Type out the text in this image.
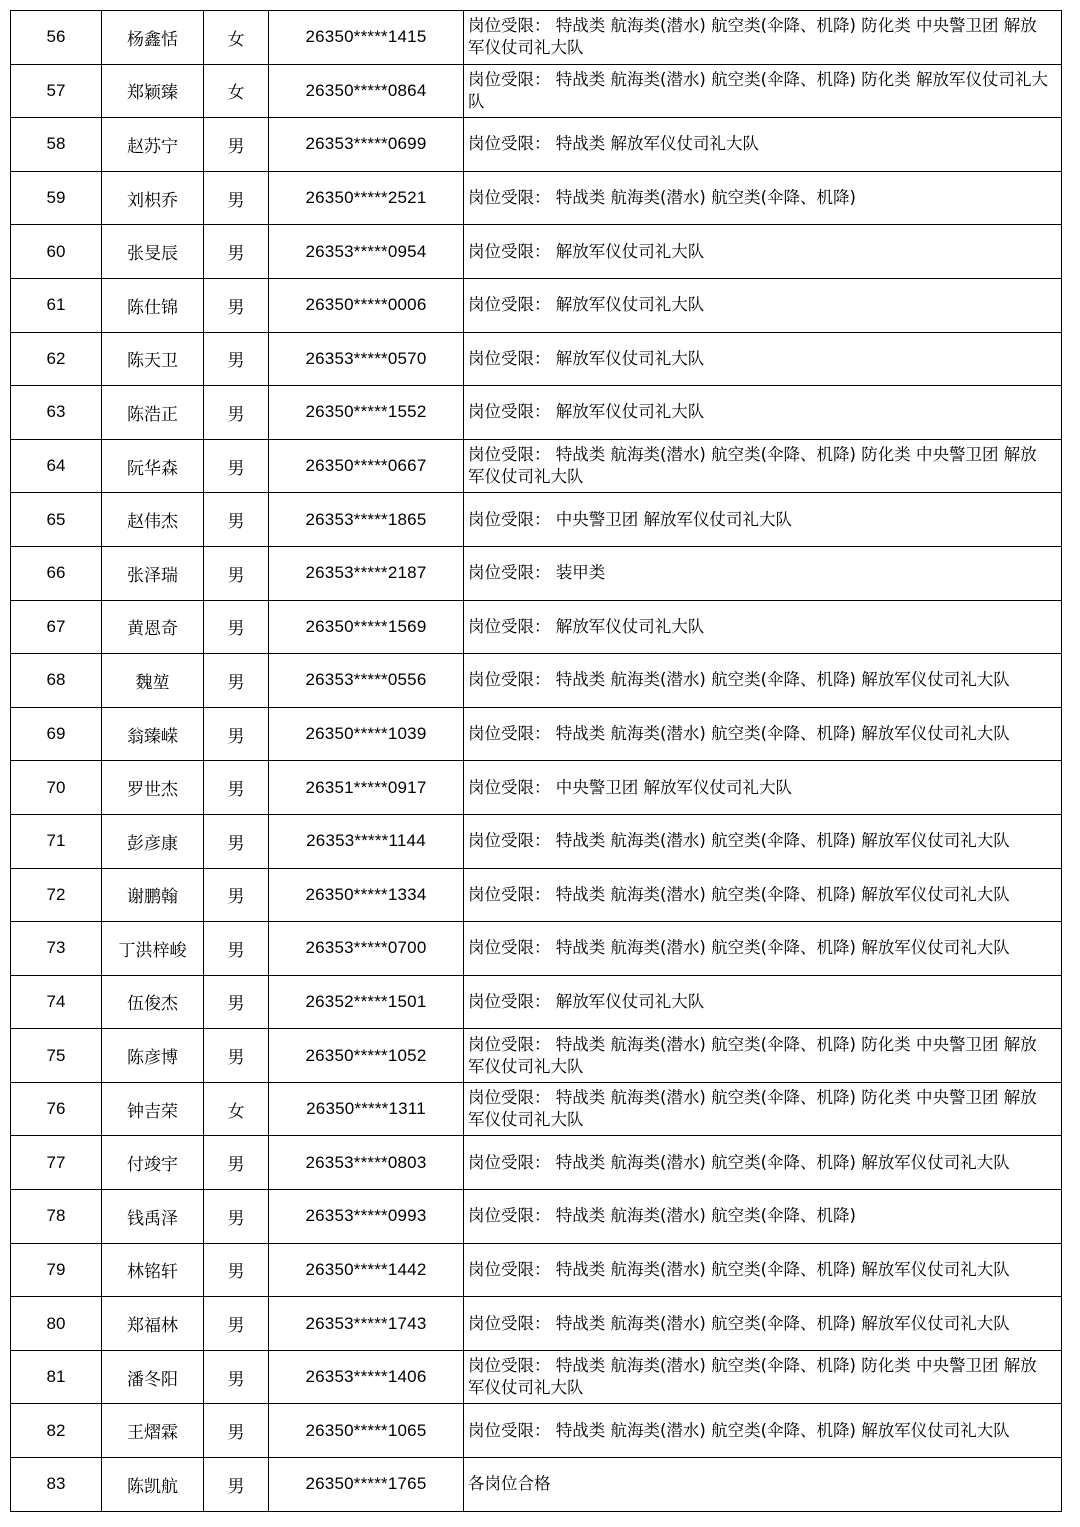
56	杨鑫恬	女	26350*****1415	岗位受限： 特战类 航海类(潜水) 航空类(伞降、机降) 防化类 中央警卫团 解放军仪仗司礼大队
57	郑颖臻	女	26350*****0864	岗位受限： 特战类 航海类(潜水) 航空类(伞降、机降) 防化类 解放军仪仗司礼大队
58	赵苏宁	男	26353*****0699	岗位受限： 特战类 解放军仪仗司礼大队
59	刘枳乔	男	26350*****2521	岗位受限： 特战类 航海类(潜水) 航空类(伞降、机降)
60	张旻辰	男	26353*****0954	岗位受限： 解放军仪仗司礼大队
61	陈仕锦	男	26350*****0006	岗位受限： 解放军仪仗司礼大队
62	陈天卫	男	26353*****0570	岗位受限： 解放军仪仗司礼大队
63	陈浩正	男	26350*****1552	岗位受限： 解放军仪仗司礼大队
64	阮华森	男	26350*****0667	岗位受限： 特战类 航海类(潜水) 航空类(伞降、机降) 防化类 中央警卫团 解放军仪仗司礼大队
65	赵伟杰	男	26353*****1865	岗位受限： 中央警卫团 解放军仪仗司礼大队
66	张泽瑞	男	26353*****2187	岗位受限： 装甲类
67	黄恩奇	男	26350*****1569	岗位受限： 解放军仪仗司礼大队
68	魏堃	男	26353*****0556	岗位受限： 特战类 航海类(潜水) 航空类(伞降、机降) 解放军仪仗司礼大队
69	翁臻嵘	男	26350*****1039	岗位受限： 特战类 航海类(潜水) 航空类(伞降、机降) 解放军仪仗司礼大队
70	罗世杰	男	26351*****0917	岗位受限： 中央警卫团 解放军仪仗司礼大队
71	彭彦康	男	26353*****1144	岗位受限： 特战类 航海类(潜水) 航空类(伞降、机降) 解放军仪仗司礼大队
72	谢鹏翰	男	26350*****1334	岗位受限： 特战类 航海类(潜水) 航空类(伞降、机降) 解放军仪仗司礼大队
73	丁洪梓峻	男	26353*****0700	岗位受限： 特战类 航海类(潜水) 航空类(伞降、机降) 解放军仪仗司礼大队
74	伍俊杰	男	26352*****1501	岗位受限： 解放军仪仗司礼大队
75	陈彦博	男	26350*****1052	岗位受限： 特战类 航海类(潜水) 航空类(伞降、机降) 防化类 中央警卫团 解放军仪仗司礼大队
76	钟吉荣	女	26350*****1311	岗位受限： 特战类 航海类(潜水) 航空类(伞降、机降) 防化类 中央警卫团 解放军仪仗司礼大队
77	付竣宇	男	26353*****0803	岗位受限： 特战类 航海类(潜水) 航空类(伞降、机降) 解放军仪仗司礼大队
78	钱禹泽	男	26353*****0993	岗位受限： 特战类 航海类(潜水) 航空类(伞降、机降)
79	林铭轩	男	26350*****1442	岗位受限： 特战类 航海类(潜水) 航空类(伞降、机降) 解放军仪仗司礼大队
80	郑福林	男	26353*****1743	岗位受限： 特战类 航海类(潜水) 航空类(伞降、机降) 解放军仪仗司礼大队
81	潘冬阳	男	26353*****1406	岗位受限： 特战类 航海类(潜水) 航空类(伞降、机降) 防化类 中央警卫团 解放军仪仗司礼大队
82	王熠霖	男	26350*****1065	岗位受限： 特战类 航海类(潜水) 航空类(伞降、机降) 解放军仪仗司礼大队
83	陈凯航	男	26350*****1765	各岗位合格
